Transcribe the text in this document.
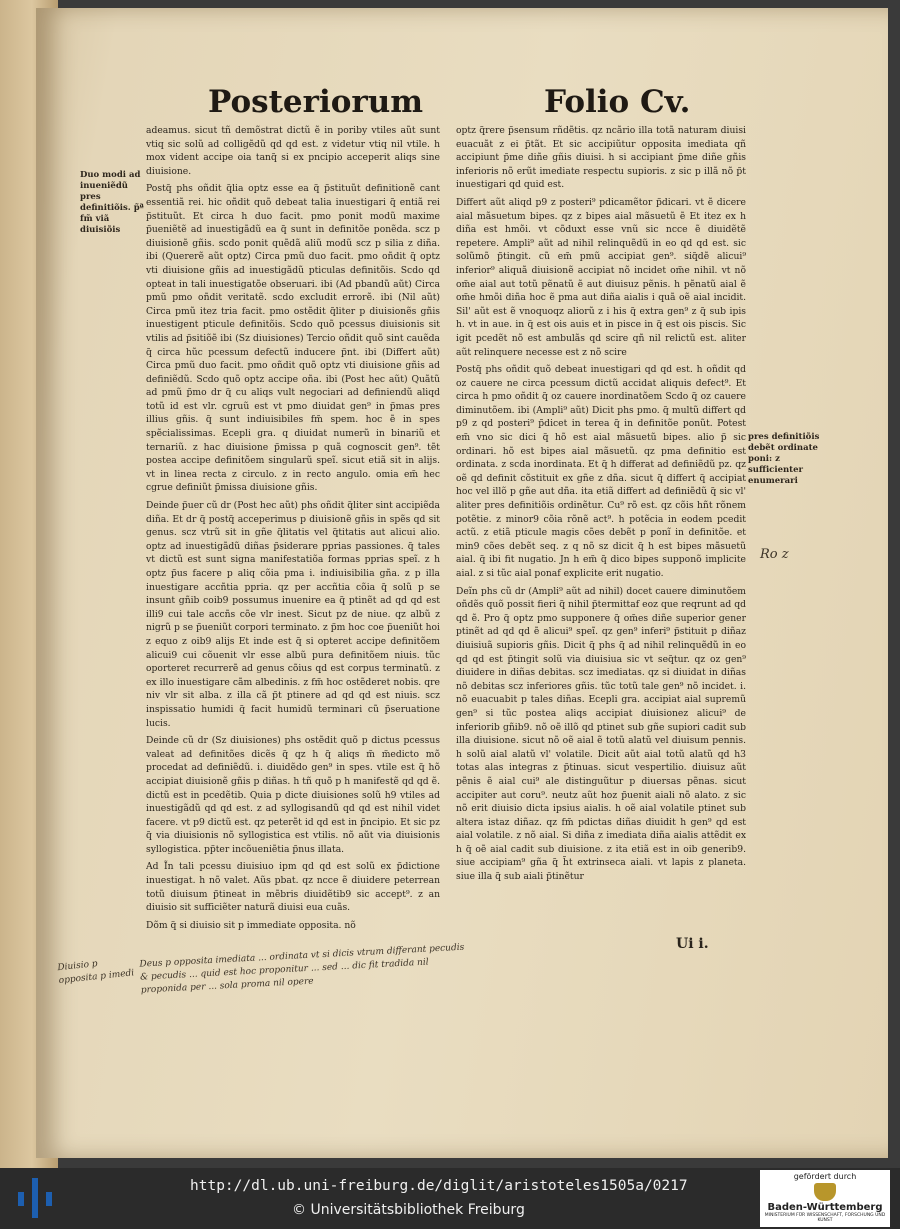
Posteriorum	Folio Cv.
Duo modi ad inueniẽdũ pres definitiõis. p̃ª fm̃ viã diuisiõis
pres definitiõis debẽt ordinate poni: z sufficienter enumerari

adeamus. sicut tñ demõstrat dictũ ẽ in poriby vtiles aũt sunt vtiq sic solũ ad colligẽdũ qd qd est. z videtur vtiq nil vtile. h mox vident accipe oia tanq̃ si ex pncipio acceperit aliqs sine diuisione.

Postq̃ phs oñdit q̃lia optz esse ea q̃ p̃stituũt definitionẽ cant essentiã rei. hic oñdit quõ debeat talia inuestigari q̃ entiã rei p̃stituũt. Et circa h duo facit. pmo ponit modũ maxime p̃ueniẽtẽ ad inuestigãdũ ea q̃ sunt in definitõe ponẽda. scz p diuisionẽ gñis. scdo ponit quẽdã aliũ modũ scz p silia z diña. ibi (Quererẽ aũt optz) Circa pmũ duo facit. pmo oñdit q̃ optz vti diuisione gñis ad inuestigãdũ pticulas definitõis. Scdo qd opteat in tali inuestigatõe obseruari. ibi (Ad pbandũ aũt) Circa pmũ pmo oñdit veritatẽ. scdo excludit errorẽ. ibi (Nil aũt) Circa pmũ itez tria facit. pmo ostẽdit q̃liter p diuisionẽs gñis inuestigent pticule definitõis. Scdo quõ pcessus diuisionis sit vtilis ad p̃sitiõẽ ibi (Sz diuisiones) Tercio oñdit quõ sint cauẽda q̃ circa hũc pcessum defectũ inducere p̃nt. ibi (Differt aũt) Circa pmũ duo facit. pmo oñdit quõ optz vti diuisione gñis ad definiẽdũ. Scdo quõ optz accipe oña. ibi (Post hec aũt) Quãtũ ad pmũ p̃mo dr q̃ cu aliqs vult negociari ad definiendũ aliqd totũ id est vlr. cgruũ est vt pmo diuidat gen⁹ in p̃mas pres illius gñis. q̃ sunt indiuisibiles fm̃ spem. hoc ẽ in spes spẽcialissimas. Ecepli gra. q diuidat numerũ in binariũ et ternariũ. z hac diuisione p̃missa p quã cognoscit gen⁹. tẽt postea accipe definitõem singularũ speĩ. sicut etiã sit in alijs. vt in linea recta z circulo. z in recto angulo. omia em̃ hec cgrue definiũt p̃missa diuisione gñis.

Deinde p̃uer cũ dr (Post hec aũt) phs oñdit q̃liter sint accipiẽda diña. Et dr q̃ postq̃ acceperimus p diuisionẽ gñis in spẽs qd sit genus. scz vtrũ sit in gñe q̃litatis vel q̃titatis aut alicui alio. optz ad inuestigãdũ diñas p̃siderare pprias passiones. q̃ tales vt dictũ est sunt signa manifestatiõa formas pprias speĩ. z h optz p̃us facere p aliq cõia pma i. indiuisibilia gña. z p illa inuestigare accñtia ppria. qz per accñtia cõia q̃ solũ p se insunt gñib coib9 possumus inuenire ea q̃ ptinẽt ad qd qd est illi9 cui tale accñs cõe vlr inest. Sicut pz de niue. qz albũ z nigrũ p se p̃ueniũt corpori terminato. z p̃m hoc coe p̃ueniũt hoi z equo z oib9 alijs Et inde est q̃ si opteret accipe definitõem alicui9 cui cõuenit vlr esse albũ pura definitõem niuis. tũc oporteret recurrerẽ ad genus cõius qd est corpus terminatũ. z ex illo inuestigare cãm albedinis. z fm̃ hoc ostẽderet nobis. qre niv vlr sit alba. z illa cã p̃t ptinere ad qd qd est niuis. scz inspissatio humidi q̃ facit humidũ terminari cũ p̃seruatione lucis.

Deinde cũ dr (Sz diuisiones) phs ostẽdit quõ p dictus pcessus valeat ad definitões dicẽs q̃ qz h q̃ aliqs m̃ m̃edicto mõ procedat ad definiẽdũ. i. diuidẽdo gen⁹ in spes. vtile est q̃ hõ accipiat diuisionẽ gñis p diñas. h tñ quõ p h manifestẽ qd qd ẽ. dictũ est in pcedẽtib. Quia p dicte diuisiones solũ h9 vtiles ad inuestigãdũ qd qd est. z ad syllogisandũ qd qd est nihil videt facere. vt p9 dictũ est. qz peterẽt id qd est in p̃ncipio. Et sic pz q̃ via diuisionis nõ syllogistica est vtilis. nõ aũt via diuisionis syllogistica. pp̃ter incõueniẽtia p̃nus illata.

Ad Ĩn tali pcessu diuisiuo ipm qd qd est solũ ex p̃dictione inuestigat. h nõ valet. Aũs pbat. qz ncce ẽ diuidere peterrean totũ diuisum p̃tineat in mẽbris diuidẽtib9 sic accept⁹. z an diuisio sit sufficiẽter naturã diuisi eua cuãs.

Dõm q̃ si diuisio sit p immediate opposita. nõ

optz q̃rere p̃sensum rñdẽtis. qz ncãrio illa totã naturam diuisi euacuãt z ei p̃tãt. Et sic accipiũtur opposita imediata qñ accipiunt p̃me diñe gñis diuisi. h si accipiant p̃me diñe gñis inferioris nõ erũt imediate respectu supioris. z sic p illã nõ p̃t inuestigari qd quid est.

Differt aũt aliqd p9 z posteri⁹ pdicamẽtor p̃dicari. vt ẽ dicere aial mãsuetum bipes. qz z bipes aial mãsuetũ ẽ Et itez ex h diña est hmõi. vt cõduxt esse vnũ sic ncce ẽ diuidẽtẽ repetere. Ampli⁹ aũt ad nihil relinquẽdũ in eo qd qd est. sic solũmõ p̃tingit. cũ em̃ pmũ accipiat gen⁹. siq̃dẽ alicui⁹ inferior⁹ aliquã diuisionẽ accipiat nõ incidet om̃e nihil. vt nõ om̃e aial aut totũ pẽnatũ ẽ aut diuisuz pẽnis. h pẽnatũ aial ẽ om̃e hmõi diña hoc ẽ pma aut diña aialis i quã oẽ aial incidit. Sil' aũt est ẽ vnoquoqz aliorũ z i his q̃ extra gen⁹ z q̃ sub ipis h. vt in aue. in q̃ est ois auis et in pisce in q̃ est ois piscis. Sic igit pcedẽt nõ est ambulãs qd scire qñ nil relictũ est. aliter aũt relinquere necesse est z nõ scire

Postq̃ phs oñdit quõ debeat inuestigari qd qd est. h oñdit qd oz cauere ne circa pcessum dictũ accidat aliquis defect⁹. Et circa h pmo oñdit q̃ oz cauere inordinatõem Scdo q̃ oz cauere diminutõem. ibi (Ampli⁹ aũt) Dicit phs pmo. q̃ multũ differt qd p9 z qd posteri⁹ p̃dicet in terea q̃ in definitõe ponũt. Potest em̃ vno sic dici q̃ hõ est aial mãsuetũ bipes. alio p̃ sic ordinari. hõ est bipes aial mãsuetũ. qz pma definitio est ordinata. z scda inordinata. Et q̃ h differat ad definiẽdũ pz. qz oẽ qd definit cõstituit ex gñe z dña. sicut q̃ differt q̃ accipiat hoc vel illõ p gñe aut dña. ita etiã differt ad definiẽdũ q̃ sic vl' aliter pres definitiõis ordinẽtur. Cu⁹ rõ est. qz cõis hñt rõnem potẽtie. z minor9 cõia rõnẽ act⁹. h potẽcia in eodem pcedit actũ. z etiã pticule magis cões debẽt p ponĩ in definitõe. et min9 cões debẽt seq. z q nõ sz dicit q̃ h est bipes mãsuetũ aial. q̃ ibi fit nugatio. Jn h em̃ q̃ dico bipes supponõ implicite aial. z si tũc aial ponaf explicite erit nugatio.

Deĩn phs cũ dr (Ampli⁹ aũt ad nihil) docet cauere diminutõem oñdẽs quõ possit fieri q̃ nihil p̃termittaf eoz que reqrunt ad qd qd ẽ. Pro q̃ optz pmo supponere q̃ om̃es diñe superior gener ptinẽt ad qd qd ẽ alicui⁹ speĩ. qz gen⁹ inferi⁹ p̃stituit p diñaz diuisiuã supioris gñis. Dicit q̃ phs q̃ ad nihil relinquẽdũ in eo qd qd est p̃tingit solũ via diuisiua sic vt seq̃tur. qz oz gen⁹ diuidere in diñas debitas. scz imediatas. qz si diuidat in diñas nõ debitas scz inferiores gñis. tũc totũ tale gen⁹ nõ incidet. i. nõ euacuabit p tales diñas. Ecepli gra. accipiat aial supremũ gen⁹ si tũc postea aliqs accipiat diuisionez alicui⁹ de inferiorib gñib9. nõ oẽ illõ qd ptinet sub gñe supiori cadit sub illa diuisione. sicut nõ oẽ aial ẽ totũ alatũ vel diuisum pennis. h solũ aial alatũ vl' volatile. Dicit aũt aial totũ alatũ qd h3 totas alas integras z p̃tinuas. sicut vespertilio. diuisuz aũt pẽnis ẽ aial cui⁹ ale distinguũtur p diuersas pẽnas. sicut accipiter aut coru⁹. neutz aũt hoz p̃uenit aiali nõ alato. z sic nõ erit diuisio dicta ipsius aialis. h oẽ aial volatile ptinet sub altera istaz diñaz. qz fm̃ pdictas diñas diuidit h gen⁹ qd est aial volatile. z nõ aial. Si diña z imediata diña aialis attẽdit ex h q̃ oẽ aial cadit sub diuisione. z ita etiã est in oib generib9. siue accipiam⁹ gña q̃ h̃t extrinseca aiali. vt lapis z planeta. siue illa q̃ sub aiali p̃tinẽtur

Ui i.
Deus p opposita imediata ... ordinata vt si dicis vtrum differant pecudis & pecudis ... quid est hoc proponitur ... sed ... dic fit tradida nil proponida per ... sola proma nil opere
Diuisio p opposita p imedi
Ro z
http://dl.ub.uni-freiburg.de/diglit/aristoteles1505a/0217
© Universitätsbibliothek Freiburg
gefördert durch
Baden-Württemberg
MINISTERIUM FÜR WISSENSCHAFT, FORSCHUNG UND KUNST
